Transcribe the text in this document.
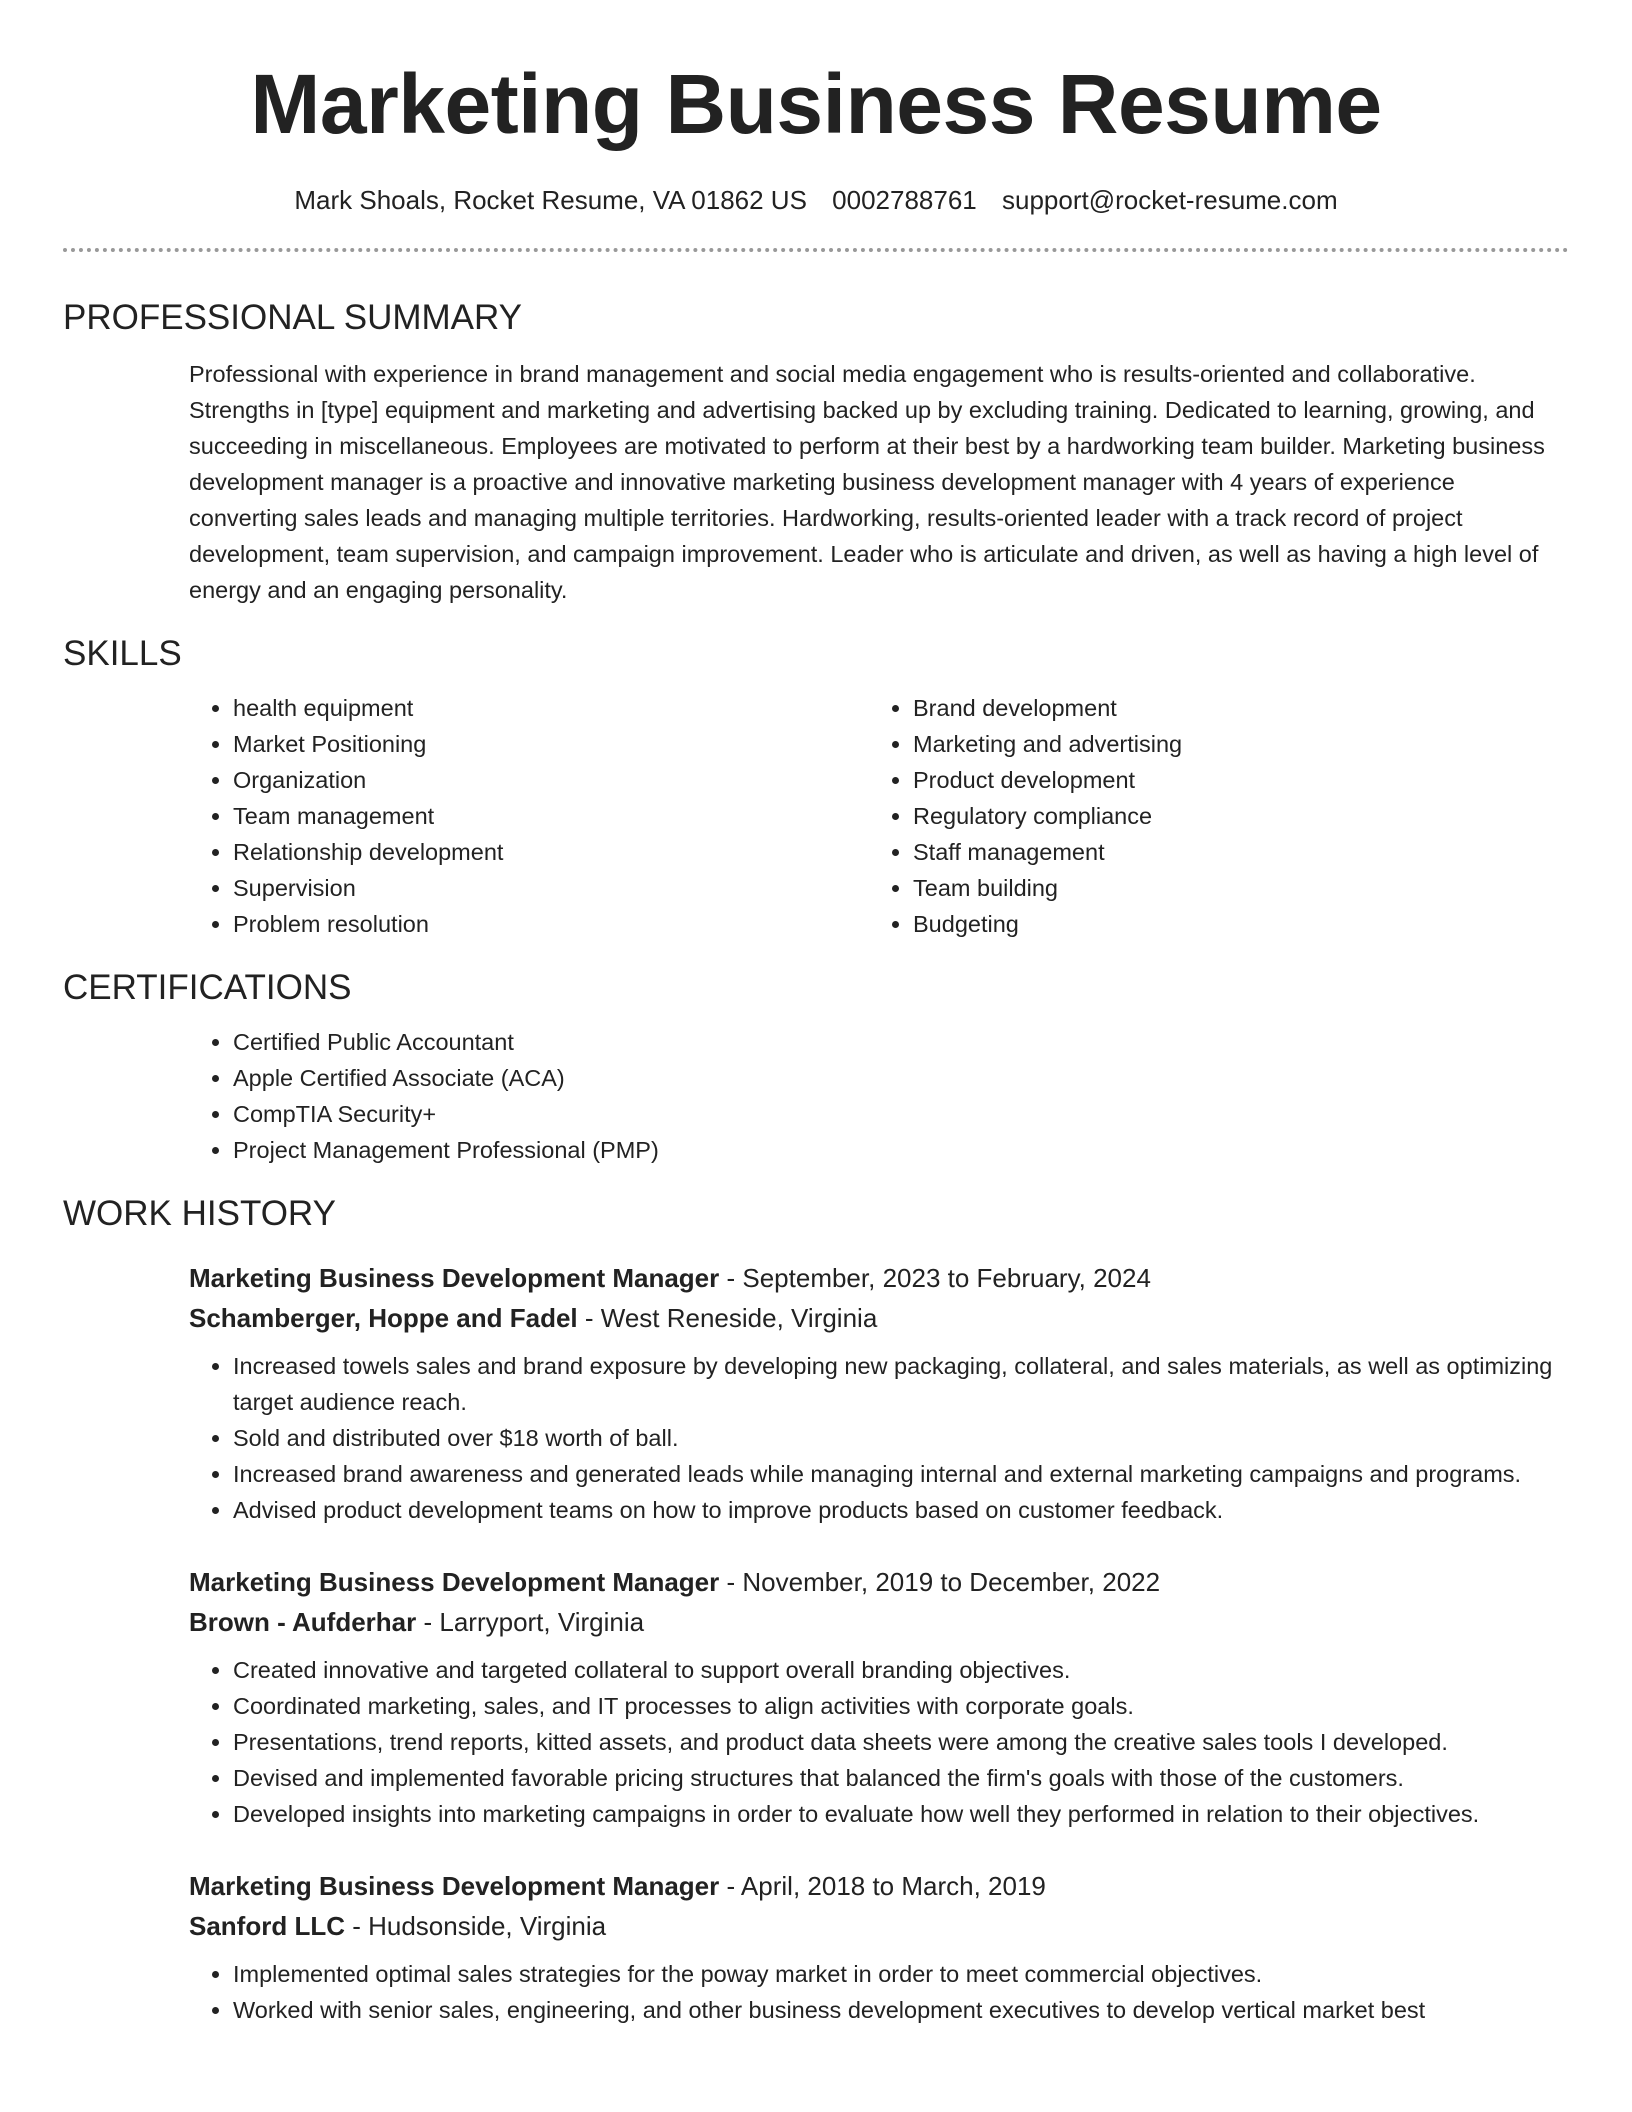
Marketing Business Resume
Mark Shoals, Rocket Resume, VA 01862 US 0002788761 support@rocket-resume.com
PROFESSIONAL SUMMARY

Professional with experience in brand management and social media engagement who is results-oriented and collaborative. Strengths in [type] equipment and marketing and advertising backed up by excluding training. Dedicated to learning, growing, and succeeding in miscellaneous. Employees are motivated to perform at their best by a hardworking team builder. Marketing business development manager is a proactive and innovative marketing business development manager with 4 years of experience converting sales leads and managing multiple territories. Hardworking, results-oriented leader with a track record of project development, team supervision, and campaign improvement. Leader who is articulate and driven, as well as having a high level of energy and an engaging personality.

SKILLS
• health equipment
• Market Positioning
• Organization
• Team management
• Relationship development
• Supervision
• Problem resolution
• Brand development
• Marketing and advertising
• Product development
• Regulatory compliance
• Staff management
• Team building
• Budgeting
CERTIFICATIONS
• Certified Public Accountant
• Apple Certified Associate (ACA)
• CompTIA Security+
• Project Management Professional (PMP)
WORK HISTORY
Marketing Business Development Manager - September, 2023 to February, 2024
Schamberger, Hoppe and Fadel - West Reneside, Virginia
• Increased towels sales and brand exposure by developing new packaging, collateral, and sales materials, as well as optimizing target audience reach.
• Sold and distributed over $18 worth of ball.
• Increased brand awareness and generated leads while managing internal and external marketing campaigns and programs.
• Advised product development teams on how to improve products based on customer feedback.
Marketing Business Development Manager - November, 2019 to December, 2022
Brown - Aufderhar - Larryport, Virginia
• Created innovative and targeted collateral to support overall branding objectives.
• Coordinated marketing, sales, and IT processes to align activities with corporate goals.
• Presentations, trend reports, kitted assets, and product data sheets were among the creative sales tools I developed.
• Devised and implemented favorable pricing structures that balanced the firm's goals with those of the customers.
• Developed insights into marketing campaigns in order to evaluate how well they performed in relation to their objectives.
Marketing Business Development Manager - April, 2018 to March, 2019
Sanford LLC - Hudsonside, Virginia
• Implemented optimal sales strategies for the poway market in order to meet commercial objectives.
• Worked with senior sales, engineering, and other business development executives to develop vertical market best
